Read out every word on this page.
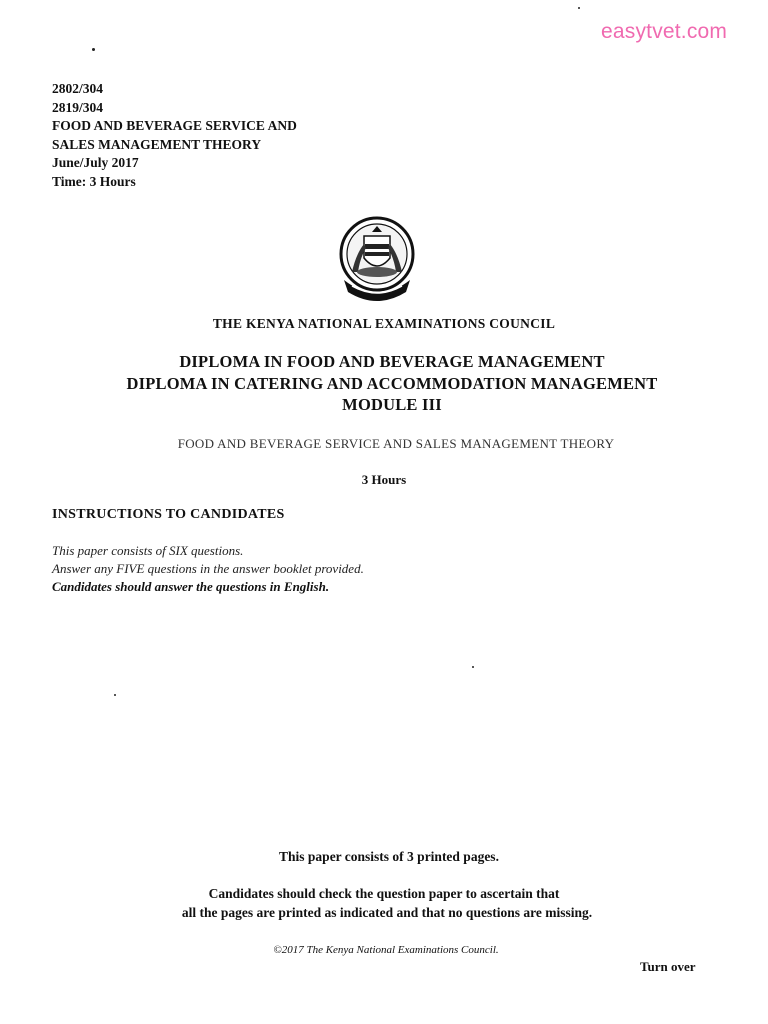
easytvet.com
2802/304
2819/304
FOOD AND BEVERAGE SERVICE AND
SALES MANAGEMENT THEORY
June/July 2017
Time: 3 Hours
THE KENYA NATIONAL EXAMINATIONS COUNCIL
DIPLOMA IN FOOD AND BEVERAGE MANAGEMENT
DIPLOMA IN CATERING AND ACCOMMODATION MANAGEMENT
MODULE III
FOOD AND BEVERAGE SERVICE AND SALES MANAGEMENT THEORY
3 Hours
INSTRUCTIONS TO CANDIDATES
This paper consists of SIX questions.
Answer any FIVE questions in the answer booklet provided.
Candidates should answer the questions in English.
This paper consists of 3 printed pages.
Candidates should check the question paper to ascertain that
all the pages are printed as indicated and that no questions are missing.
©2017 The Kenya National Examinations Council.
Turn over
